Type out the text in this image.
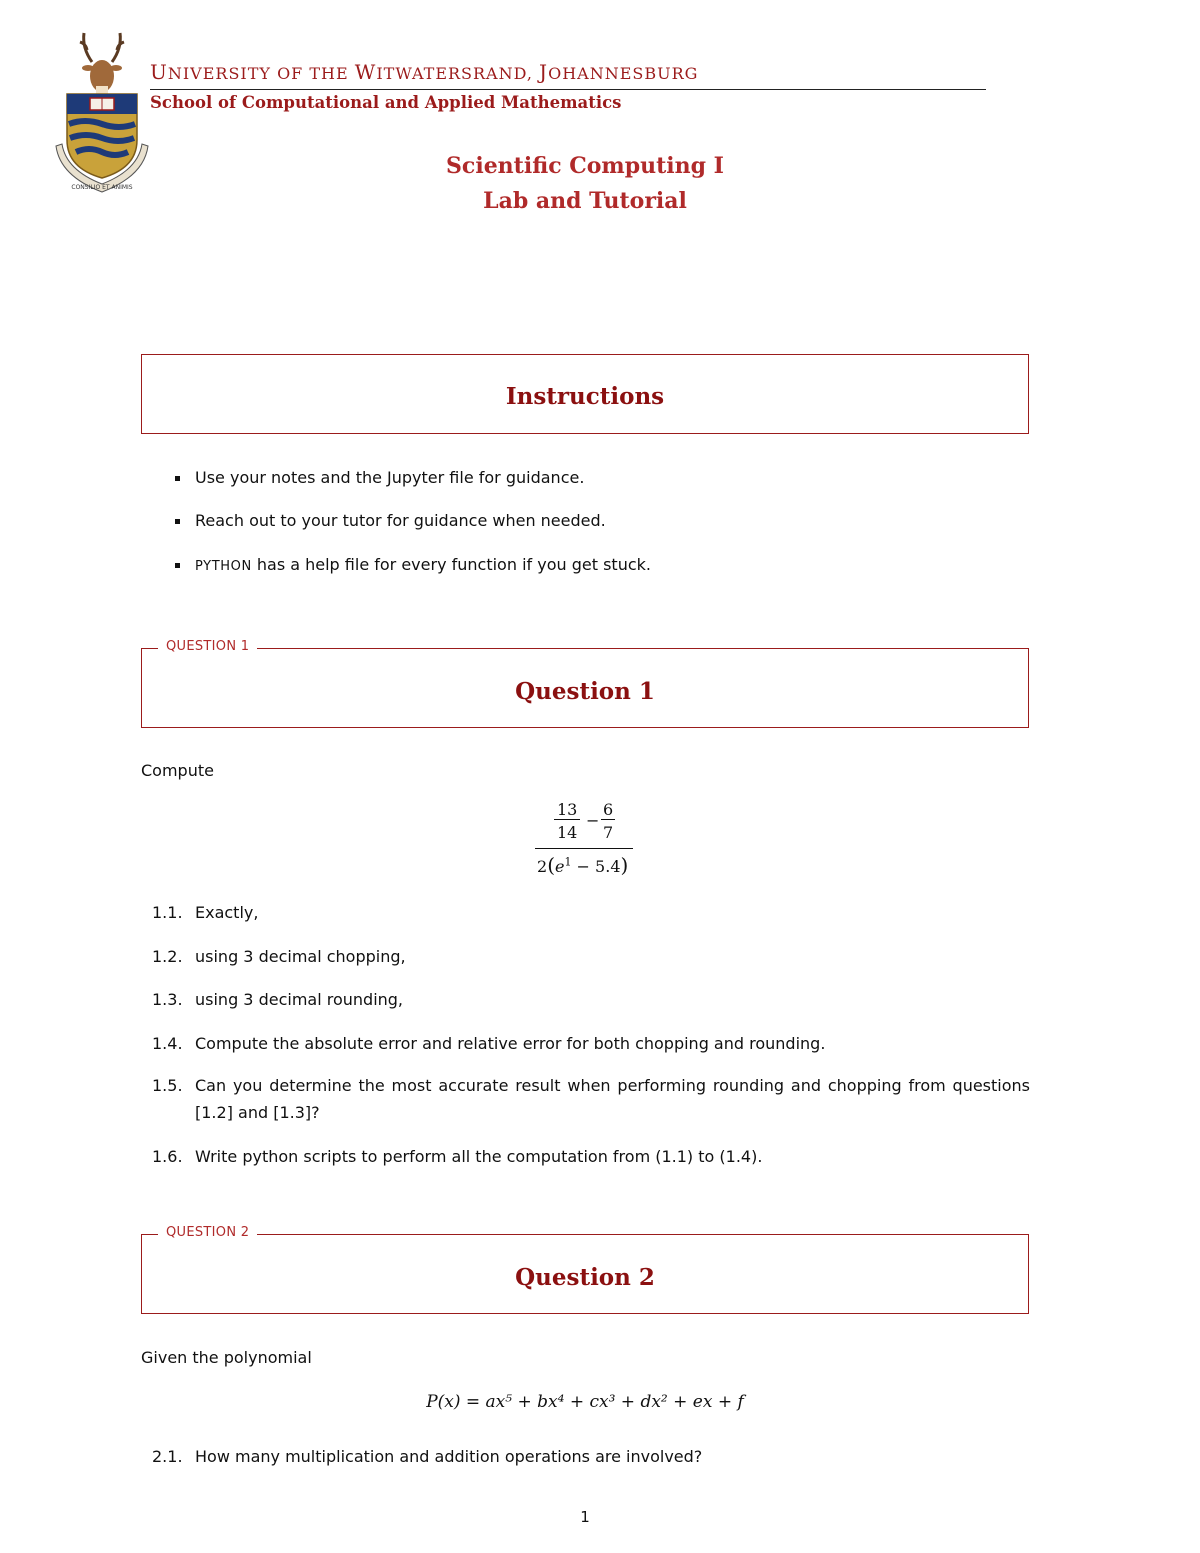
CONSILIO ET ANIMIS
UNIVERSITY OF THE WITWATERSRAND, JOHANNESBURG
School of Computational and Applied Mathematics
Scientific Computing I
Lab and Tutorial
Instructions
Use your notes and the Jupyter file for guidance.
Reach out to your tutor for guidance when needed.
PYTHON has a help file for every function if you get stuck.
QUESTION 1
Question 1
Compute
13
14
−
6
7
$2(e^1 - 5.4)$
1.1. Exactly,
1.2. using 3 decimal chopping,
1.3. using 3 decimal rounding,
1.4. Compute the absolute error and relative error for both chopping and rounding.
1.5. Can you determine the most accurate result when performing rounding and chopping from questions [1.2] and [1.3]?
1.6. Write python scripts to perform all the computation from (1.1) to (1.4).
QUESTION 2
Question 2
Given the polynomial
P(x) = ax⁵ + bx⁴ + cx³ + dx² + ex + f
2.1. How many multiplication and addition operations are involved?
1
